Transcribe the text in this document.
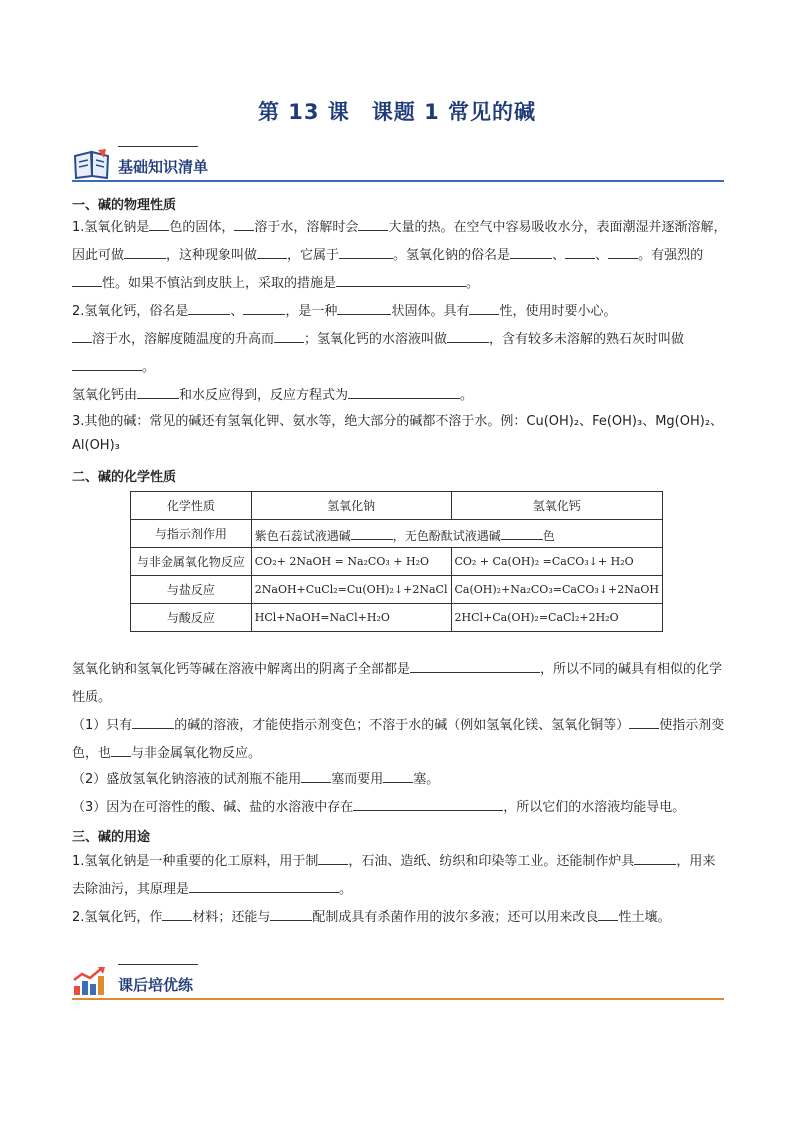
第 13 课　课题 1 常见的碱
基础知识清单
一、碱的物理性质

1.氢氧化钠是 色的固体， 溶于水，溶解时会 大量的热。在空气中容易吸收水分，表面潮湿并逐渐溶解，因此可做	，这种现象叫做 ，它属于	。氢氧化钠的俗名是	、 、 。有强烈的性。如果不慎沾到皮肤上，采取的措施是	。

2.氢氧化钙，俗名是	、	，是一种	状固体。具有 性，使用时要小心。
溶于水，溶解度随温度的升高而 ；氢氧化钙的水溶液叫做	，含有较多未溶解的熟石灰时叫做。

氢氧化钙由	和水反应得到，反应方程式为	。

3.其他的碱：常见的碱还有氢氧化钾、氨水等，绝大部分的碱都不溶于水。例：Cu(OH)₂、Fe(OH)₃、Mg(OH)₂、Al(OH)₃

二、碱的化学性质
化学性质	氢氧化钠	氢氧化钙
与指示剂作用	紫色石蕊试液遇碱 ，无色酚酞试液遇碱 色	
与非金属氧化物反应	CO₂+ 2NaOH = Na₂CO₃ + H₂O	CO₂ + Ca(OH)₂ =CaCO₃↓+ H₂O
与盐反应	2NaOH+CuCl₂=Cu(OH)₂↓+2NaCl	Ca(OH)₂+Na₂CO₃=CaCO₃↓+2NaOH
与酸反应	HCl+NaOH=NaCl+H₂O	2HCl+Ca(OH)₂=CaCl₂+2H₂O

氢氧化钠和氢氧化钙等碱在溶液中解离出的阴离子全部都是	，所以不同的碱具有相似的化学性质。

（1）只有	的碱的溶液，才能使指示剂变色；不溶于水的碱（例如氢氧化镁、氢氧化铜等） 使指示剂变色，也 与非金属氧化物反应。

（2）盛放氢氧化钠溶液的试剂瓶不能用 塞而要用 塞。

（3）因为在可溶性的酸、碱、盐的水溶液中存在	，所以它们的水溶液均能导电。

三、碱的用途

1.氢氧化钠是一种重要的化工原料，用于制 ，石油、造纸、纺织和印染等工业。还能制作炉具	，用来去除油污，其原理是	。

2.氢氧化钙，作 材料；还能与	配制成具有杀菌作用的波尔多液；还可以用来改良 性土壤。

课后培优练
